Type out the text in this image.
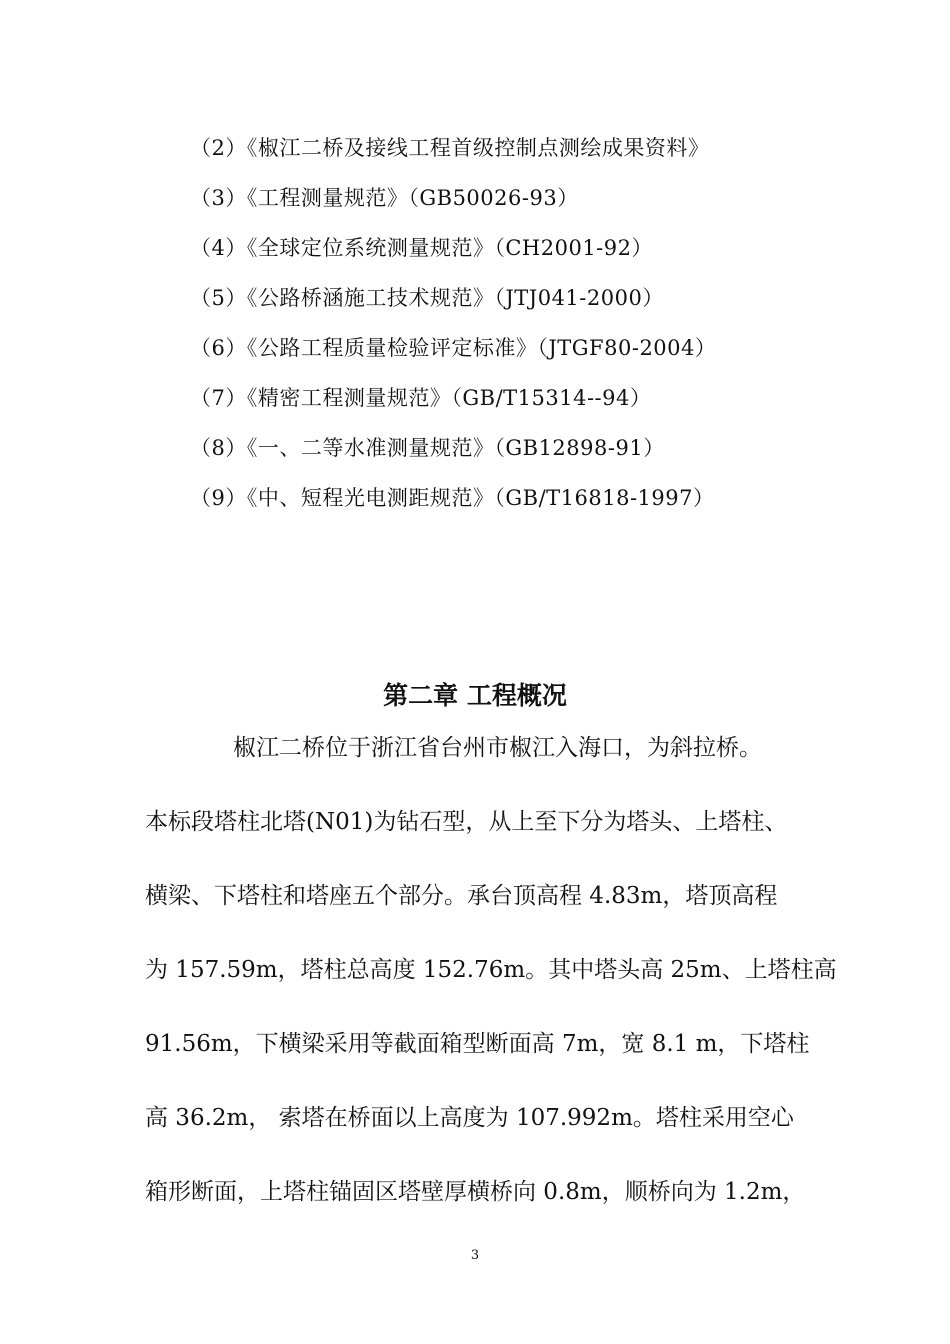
（2）《椒江二桥及接线工程首级控制点测绘成果资料》
（3）《工程测量规范》（GB50026-93）
（4）《全球定位系统测量规范》（CH2001-92）
（5）《公路桥涵施工技术规范》（JTJ041-2000）
（6）《公路工程质量检验评定标准》（JTGF80-2004）
（7）《精密工程测量规范》（GB/T15314--94）
（8）《一、二等水准测量规范》（GB12898-91）
（9）《中、短程光电测距规范》（GB/T16818-1997）
第二章 工程概况
椒江二桥位于浙江省台州市椒江入海口，为斜拉桥。
本标段塔柱北塔(N01)为钻石型，从上至下分为塔头、上塔柱、
横梁、下塔柱和塔座五个部分。承台顶高程 4.83m，塔顶高程
为 157.59m，塔柱总高度 152.76m。其中塔头高 25m、上塔柱高
91.56m，下横梁采用等截面箱型断面高 7m，宽 8.1 m，下塔柱
高 36.2m， 索塔在桥面以上高度为 107.992m。塔柱采用空心
箱形断面，上塔柱锚固区塔壁厚横桥向 0.8m，顺桥向为 1.2m，
3
